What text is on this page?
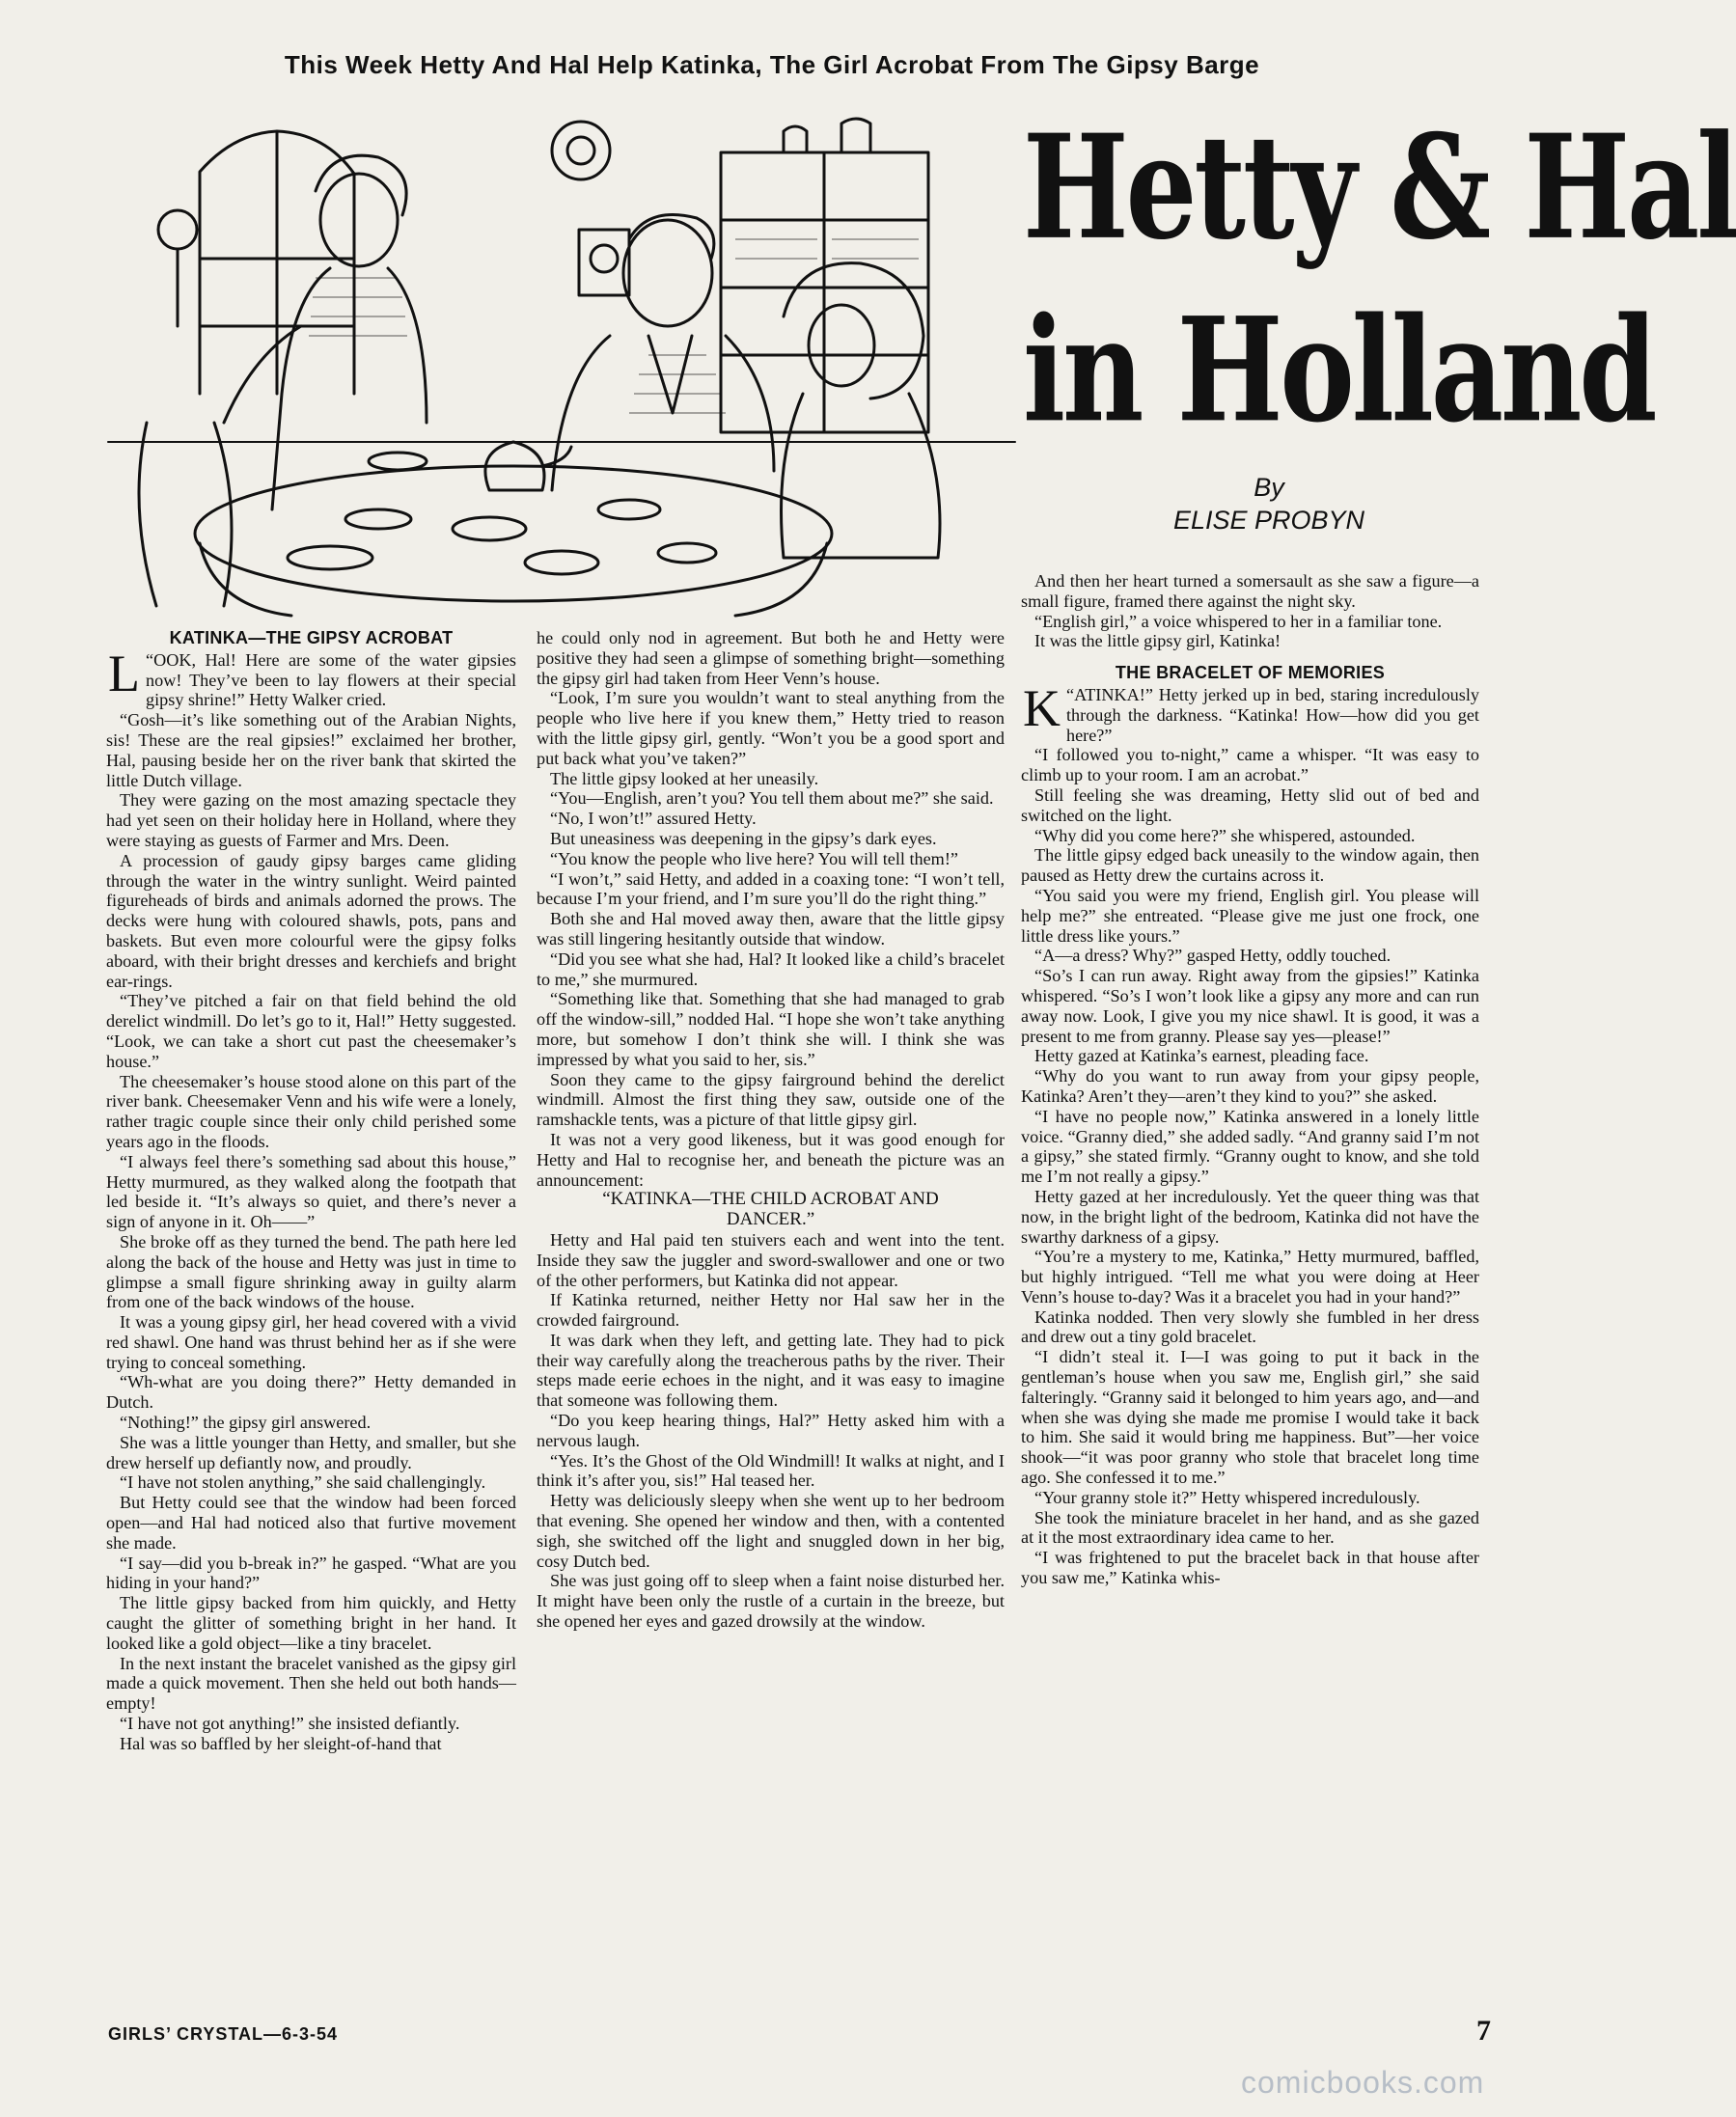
This Week Hetty And Hal Help Katinka, The Girl Acrobat From The Gipsy Barge
Hetty & Hal
in Holland
By
ELISE PROBYN
KATINKA—THE GIPSY ACROBAT

L “OOK, Hal! Here are some of the water gipsies now! They’ve been to lay flowers at their special gipsy shrine!” Hetty Walker cried.

“Gosh—it’s like something out of the Arabian Nights, sis! These are the real gipsies!” exclaimed her brother, Hal, pausing beside her on the river bank that skirted the little Dutch village.

They were gazing on the most amazing spectacle they had yet seen on their holiday here in Holland, where they were staying as guests of Farmer and Mrs. Deen.

A procession of gaudy gipsy barges came gliding through the water in the wintry sunlight. Weird painted figureheads of birds and animals adorned the prows. The decks were hung with coloured shawls, pots, pans and baskets. But even more colourful were the gipsy folks aboard, with their bright dresses and kerchiefs and bright ear-rings.

“They’ve pitched a fair on that field behind the old derelict windmill. Do let’s go to it, Hal!” Hetty suggested. “Look, we can take a short cut past the cheesemaker’s house.”

The cheesemaker’s house stood alone on this part of the river bank. Cheesemaker Venn and his wife were a lonely, rather tragic couple since their only child perished some years ago in the floods.

“I always feel there’s something sad about this house,” Hetty murmured, as they walked along the footpath that led beside it. “It’s always so quiet, and there’s never a sign of anyone in it. Oh——”

She broke off as they turned the bend. The path here led along the back of the house and Hetty was just in time to glimpse a small figure shrinking away in guilty alarm from one of the back windows of the house.

It was a young gipsy girl, her head covered with a vivid red shawl. One hand was thrust behind her as if she were trying to conceal something.

“Wh-what are you doing there?” Hetty demanded in Dutch.

“Nothing!” the gipsy girl answered.

She was a little younger than Hetty, and smaller, but she drew herself up defiantly now, and proudly.

“I have not stolen anything,” she said challengingly.

But Hetty could see that the window had been forced open—and Hal had noticed also that furtive movement she made.

“I say—did you b-break in?” he gasped. “What are you hiding in your hand?”

The little gipsy backed from him quickly, and Hetty caught the glitter of something bright in her hand. It looked like a gold object—like a tiny bracelet.

In the next instant the bracelet vanished as the gipsy girl made a quick movement. Then she held out both hands—empty!

“I have not got anything!” she insisted defiantly.

Hal was so baffled by her sleight-of-hand that

he could only nod in agreement. But both he and Hetty were positive they had seen a glimpse of something bright—something the gipsy girl had taken from Heer Venn’s house.

“Look, I’m sure you wouldn’t want to steal anything from the people who live here if you knew them,” Hetty tried to reason with the little gipsy girl, gently. “Won’t you be a good sport and put back what you’ve taken?”

The little gipsy looked at her uneasily.

“You—English, aren’t you? You tell them about me?” she said.

“No, I won’t!” assured Hetty.

But uneasiness was deepening in the gipsy’s dark eyes.

“You know the people who live here? You will tell them!”

“I won’t,” said Hetty, and added in a coaxing tone: “I won’t tell, because I’m your friend, and I’m sure you’ll do the right thing.”

Both she and Hal moved away then, aware that the little gipsy was still lingering hesitantly outside that window.

“Did you see what she had, Hal? It looked like a child’s bracelet to me,” she murmured.

“Something like that. Something that she had managed to grab off the window-sill,” nodded Hal. “I hope she won’t take anything more, but somehow I don’t think she will. I think she was impressed by what you said to her, sis.”

Soon they came to the gipsy fairground behind the derelict windmill. Almost the first thing they saw, outside one of the ramshackle tents, was a picture of that little gipsy girl.

It was not a very good likeness, but it was good enough for Hetty and Hal to recognise her, and beneath the picture was an announcement:

“KATINKA—THE CHILD ACROBAT AND
DANCER.”

Hetty and Hal paid ten stuivers each and went into the tent. Inside they saw the juggler and sword-swallower and one or two of the other performers, but Katinka did not appear.

If Katinka returned, neither Hetty nor Hal saw her in the crowded fairground.

It was dark when they left, and getting late. They had to pick their way carefully along the treacherous paths by the river. Their steps made eerie echoes in the night, and it was easy to imagine that someone was following them.

“Do you keep hearing things, Hal?” Hetty asked him with a nervous laugh.

“Yes. It’s the Ghost of the Old Windmill! It walks at night, and I think it’s after you, sis!” Hal teased her.

Hetty was deliciously sleepy when she went up to her bedroom that evening. She opened her window and then, with a contented sigh, she switched off the light and snuggled down in her big, cosy Dutch bed.

She was just going off to sleep when a faint noise disturbed her. It might have been only the rustle of a curtain in the breeze, but she opened her eyes and gazed drowsily at the window.

And then her heart turned a somersault as she saw a figure—a small figure, framed there against the night sky.

“English girl,” a voice whispered to her in a familiar tone.

It was the little gipsy girl, Katinka!

THE BRACELET OF MEMORIES

K “ATINKA!” Hetty jerked up in bed, staring incredulously through the darkness. “Katinka! How—how did you get here?”

“I followed you to-night,” came a whisper. “It was easy to climb up to your room. I am an acrobat.”

Still feeling she was dreaming, Hetty slid out of bed and switched on the light.

“Why did you come here?” she whispered, astounded.

The little gipsy edged back uneasily to the window again, then paused as Hetty drew the curtains across it.

“You said you were my friend, English girl. You please will help me?” she entreated. “Please give me just one frock, one little dress like yours.”

“A—a dress? Why?” gasped Hetty, oddly touched.

“So’s I can run away. Right away from the gipsies!” Katinka whispered. “So’s I won’t look like a gipsy any more and can run away now. Look, I give you my nice shawl. It is good, it was a present to me from granny. Please say yes—please!”

Hetty gazed at Katinka’s earnest, pleading face.

“Why do you want to run away from your gipsy people, Katinka? Aren’t they—aren’t they kind to you?” she asked.

“I have no people now,” Katinka answered in a lonely little voice. “Granny died,” she added sadly. “And granny said I’m not a gipsy,” she stated firmly. “Granny ought to know, and she told me I’m not really a gipsy.”

Hetty gazed at her incredulously. Yet the queer thing was that now, in the bright light of the bedroom, Katinka did not have the swarthy darkness of a gipsy.

“You’re a mystery to me, Katinka,” Hetty murmured, baffled, but highly intrigued. “Tell me what you were doing at Heer Venn’s house to-day? Was it a bracelet you had in your hand?”

Katinka nodded. Then very slowly she fumbled in her dress and drew out a tiny gold bracelet.

“I didn’t steal it. I—I was going to put it back in the gentleman’s house when you saw me, English girl,” she said falteringly. “Granny said it belonged to him years ago, and—and when she was dying she made me promise I would take it back to him. She said it would bring me happiness. But”—her voice shook—“it was poor granny who stole that bracelet long time ago. She confessed it to me.”

“Your granny stole it?” Hetty whispered incredulously.

She took the miniature bracelet in her hand, and as she gazed at it the most extraordinary idea came to her.

“I was frightened to put the bracelet back in that house after you saw me,” Katinka whis-

GIRLS’ CRYSTAL—6-3-54	7
comicbooks.com
